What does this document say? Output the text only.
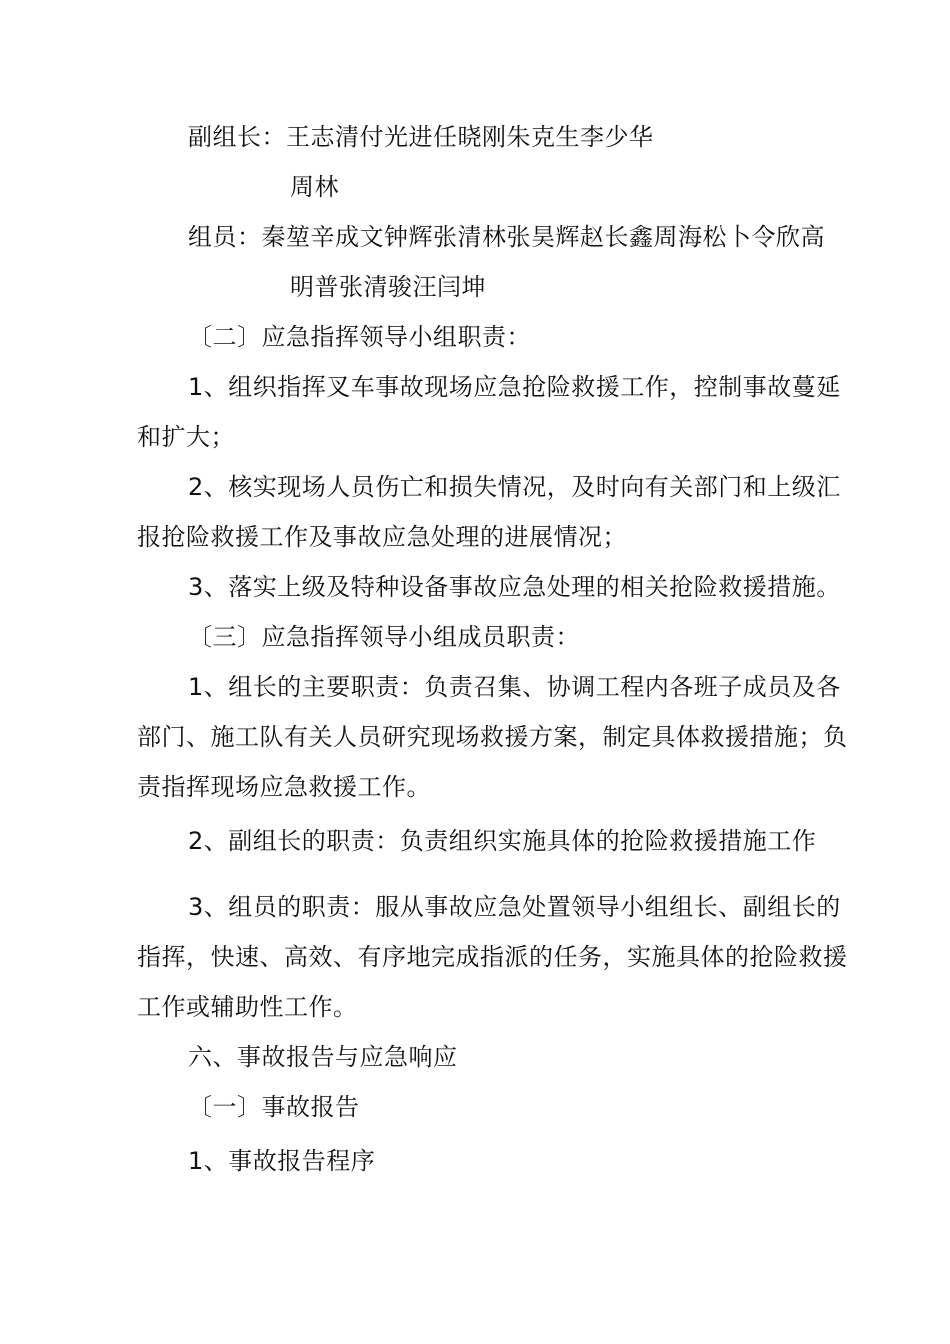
副组长：王志清付光进任晓刚朱克生李少华
周林
组员：秦堃辛成文钟辉张清林张昊辉赵长鑫周海松卜令欣高
明普张清骏汪闫坤
〔二〕应急指挥领导小组职责：
1、组织指挥叉车事故现场应急抢险救援工作，控制事故蔓延
和扩大；
2、核实现场人员伤亡和损失情况，及时向有关部门和上级汇
报抢险救援工作及事故应急处理的进展情况；
3、落实上级及特种设备事故应急处理的相关抢险救援措施。
〔三〕应急指挥领导小组成员职责：
1、组长的主要职责：负责召集、协调工程内各班子成员及各
部门、施工队有关人员研究现场救援方案，制定具体救援措施；负
责指挥现场应急救援工作。
2、副组长的职责：负责组织实施具体的抢险救援措施工作
3、组员的职责：服从事故应急处置领导小组组长、副组长的
指挥，快速、高效、有序地完成指派的任务，实施具体的抢险救援
工作或辅助性工作。
六、事故报告与应急响应
〔一〕事故报告
1、事故报告程序
